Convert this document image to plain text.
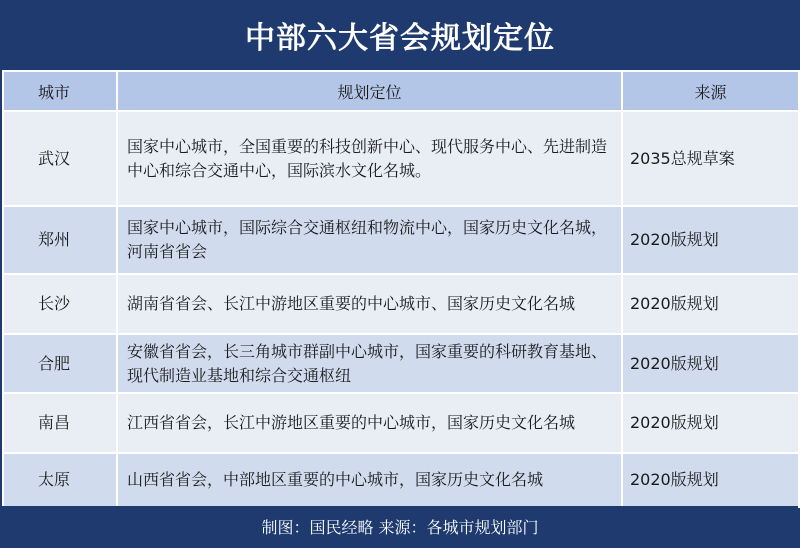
中部六大省会规划定位
城市	规划定位	来源
武汉	国家中心城市，全国重要的科技创新中心、现代服务中心、先进制造中心和综合交通中心，国际滨水文化名城。	2035总规草案
郑州	国家中心城市，国际综合交通枢纽和物流中心，国家历史文化名城，河南省省会	2020版规划
长沙	湖南省省会、长江中游地区重要的中心城市、国家历史文化名城	2020版规划
合肥	安徽省省会，长三角城市群副中心城市，国家重要的科研教育基地、现代制造业基地和综合交通枢纽	2020版规划
南昌	江西省省会，长江中游地区重要的中心城市，国家历史文化名城	2020版规划
太原	山西省省会，中部地区重要的中心城市，国家历史文化名城	2020版规划
制图：国民经略 来源：各城市规划部门
